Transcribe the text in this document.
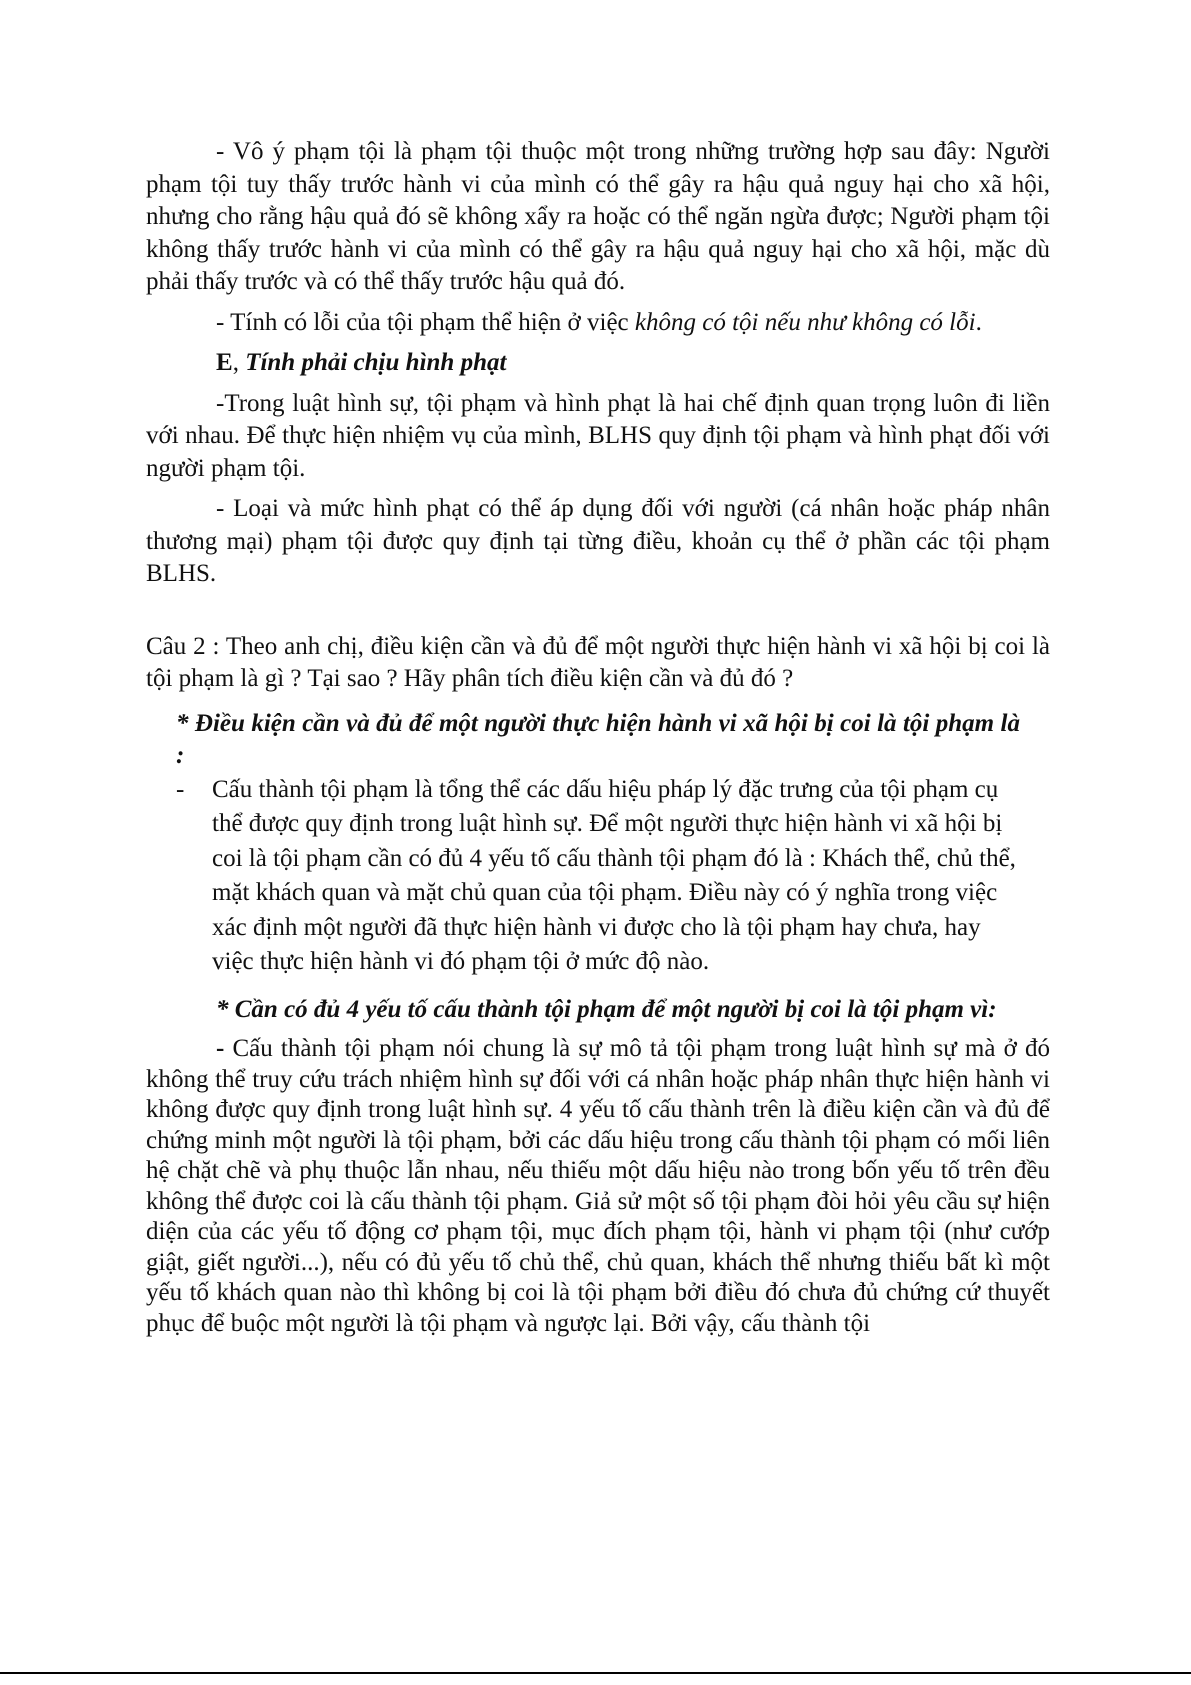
- Vô ý phạm tội là phạm tội thuộc một trong những trường hợp sau đây: Người phạm tội tuy thấy trước hành vi của mình có thể gây ra hậu quả nguy hại cho xã hội, nhưng cho rằng hậu quả đó sẽ không xẩy ra hoặc có thể ngăn ngừa được; Người phạm tội không thấy trước hành vi của mình có thể gây ra hậu quả nguy hại cho xã hội, mặc dù phải thấy trước và có thể thấy trước hậu quả đó.

- Tính có lỗi của tội phạm thể hiện ở việc không có tội nếu như không có lỗi.

E, Tính phải chịu hình phạt

-Trong luật hình sự, tội phạm và hình phạt là hai chế định quan trọng luôn đi liền với nhau. Để thực hiện nhiệm vụ của mình, BLHS quy định tội phạm và hình phạt đối với người phạm tội.

- Loại và mức hình phạt có thể áp dụng đối với người (cá nhân hoặc pháp nhân thương mại) phạm tội được quy định tại từng điều, khoản cụ thể ở phần các tội phạm BLHS.

Câu 2 : Theo anh chị, điều kiện cần và đủ để một người thực hiện hành vi xã hội bị coi là tội phạm là gì ? Tại sao ? Hãy phân tích điều kiện cần và đủ đó ?

* Điều kiện cần và đủ để một người thực hiện hành vi xã hội bị coi là tội phạm là :

-	Cấu thành tội phạm là tổng thể các dấu hiệu pháp lý đặc trưng của tội phạm cụ thể được quy định trong luật hình sự. Để một người thực hiện hành vi xã hội bị coi là tội phạm cần có đủ 4 yếu tố cấu thành tội phạm đó là : Khách thể, chủ thể, mặt khách quan và mặt chủ quan của tội phạm. Điều này có ý nghĩa trong việc xác định một người đã thực hiện hành vi được cho là tội phạm hay chưa, hay việc thực hiện hành vi đó phạm tội ở mức độ nào.

* Cần có đủ 4 yếu tố cấu thành tội phạm để một người bị coi là tội phạm vì:

- Cấu thành tội phạm nói chung là sự mô tả tội phạm trong luật hình sự mà ở đó không thể truy cứu trách nhiệm hình sự đối với cá nhân hoặc pháp nhân thực hiện hành vi không được quy định trong luật hình sự. 4 yếu tố cấu thành trên là điều kiện cần và đủ để chứng minh một người là tội phạm, bởi các dấu hiệu trong cấu thành tội phạm có mối liên hệ chặt chẽ và phụ thuộc lẫn nhau, nếu thiếu một dấu hiệu nào trong bốn yếu tố trên đều không thể được coi là cấu thành tội phạm. Giả sử một số tội phạm đòi hỏi yêu cầu sự hiện diện của các yếu tố động cơ phạm tội, mục đích phạm tội, hành vi phạm tội (như cướp giật, giết người...), nếu có đủ yếu tố chủ thể, chủ quan, khách thể nhưng thiếu bất kì một yếu tố khách quan nào thì không bị coi là tội phạm bởi điều đó chưa đủ chứng cứ thuyết phục để buộc một người là tội phạm và ngược lại. Bởi vậy, cấu thành tội
